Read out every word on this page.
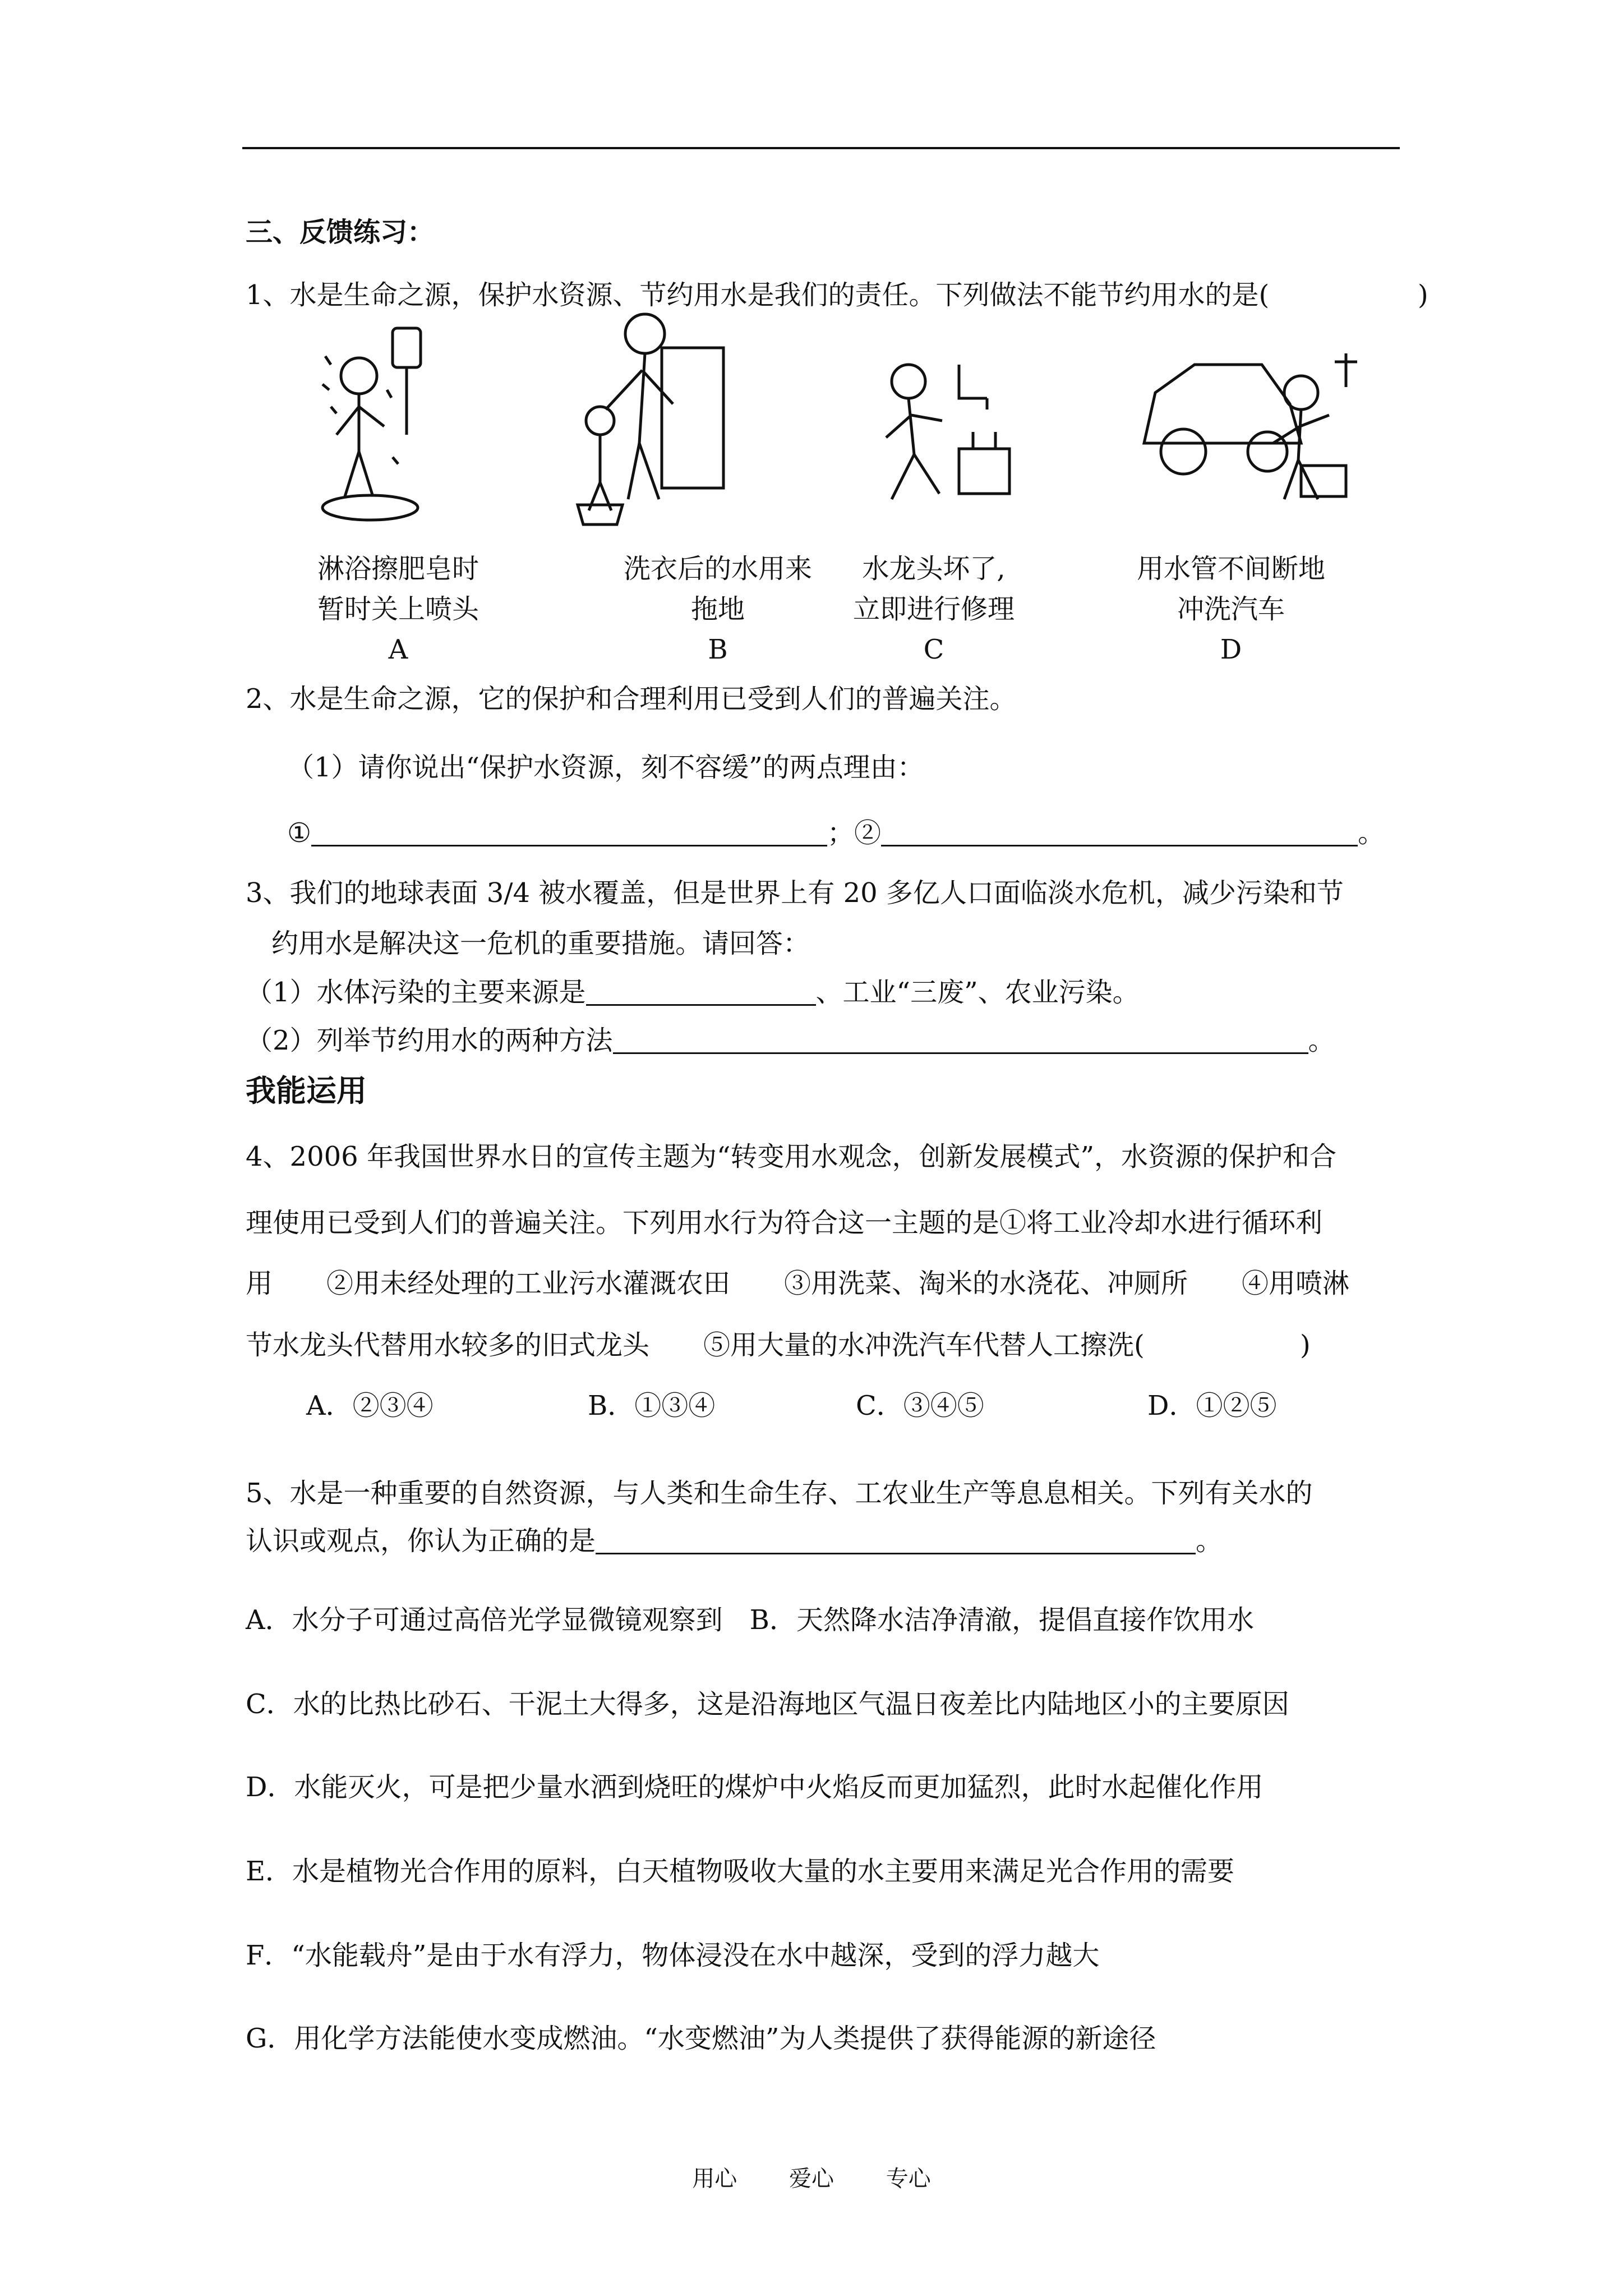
三、反馈练习：
1、水是生命之源，保护水资源、节约用水是我们的责任。下列做法不能节约用水的是(	)
淋浴擦肥皂时
暂时关上喷头
A
洗衣后的水用来
拖地
B
水龙头坏了,
立即进行修理
C
用水管不间断地
冲洗汽车
D
2、水是生命之源，它的保护和合理利用已受到人们的普遍关注。
（1）请你说出“保护水资源，刻不容缓”的两点理由：
①	；②	。
3、我们的地球表面 3/4 被水覆盖，但是世界上有 20 多亿人口面临淡水危机，减少污染和节
约用水是解决这一危机的重要措施。请回答：
（1）水体污染的主要来源是	、工业“三废”、农业污染。
（2）列举节约用水的两种方法	。
我能运用
4、2006 年我国世界水日的宣传主题为“转变用水观念，创新发展模式”，水资源的保护和合
理使用已受到人们的普遍关注。下列用水行为符合这一主题的是①将工业冷却水进行循环利
用　　②用未经处理的工业污水灌溉农田　　③用洗菜、淘米的水浇花、冲厕所　　④用喷淋
节水龙头代替用水较多的旧式龙头　　⑤用大量的水冲洗汽车代替人工擦洗(	)
A．②③④	B．①③④	C．③④⑤	D．①②⑤
5、水是一种重要的自然资源，与人类和生命生存、工农业生产等息息相关。下列有关水的
认识或观点，你认为正确的是	。
A．水分子可通过高倍光学显微镜观察到　B．天然降水洁净清澈，提倡直接作饮用水
C．水的比热比砂石、干泥土大得多，这是沿海地区气温日夜差比内陆地区小的主要原因
D．水能灭火，可是把少量水洒到烧旺的煤炉中火焰反而更加猛烈，此时水起催化作用
E．水是植物光合作用的原料，白天植物吸收大量的水主要用来满足光合作用的需要
F．“水能载舟”是由于水有浮力，物体浸没在水中越深，受到的浮力越大
G．用化学方法能使水变成燃油。“水变燃油”为人类提供了获得能源的新途径
用心 爱心 专心
